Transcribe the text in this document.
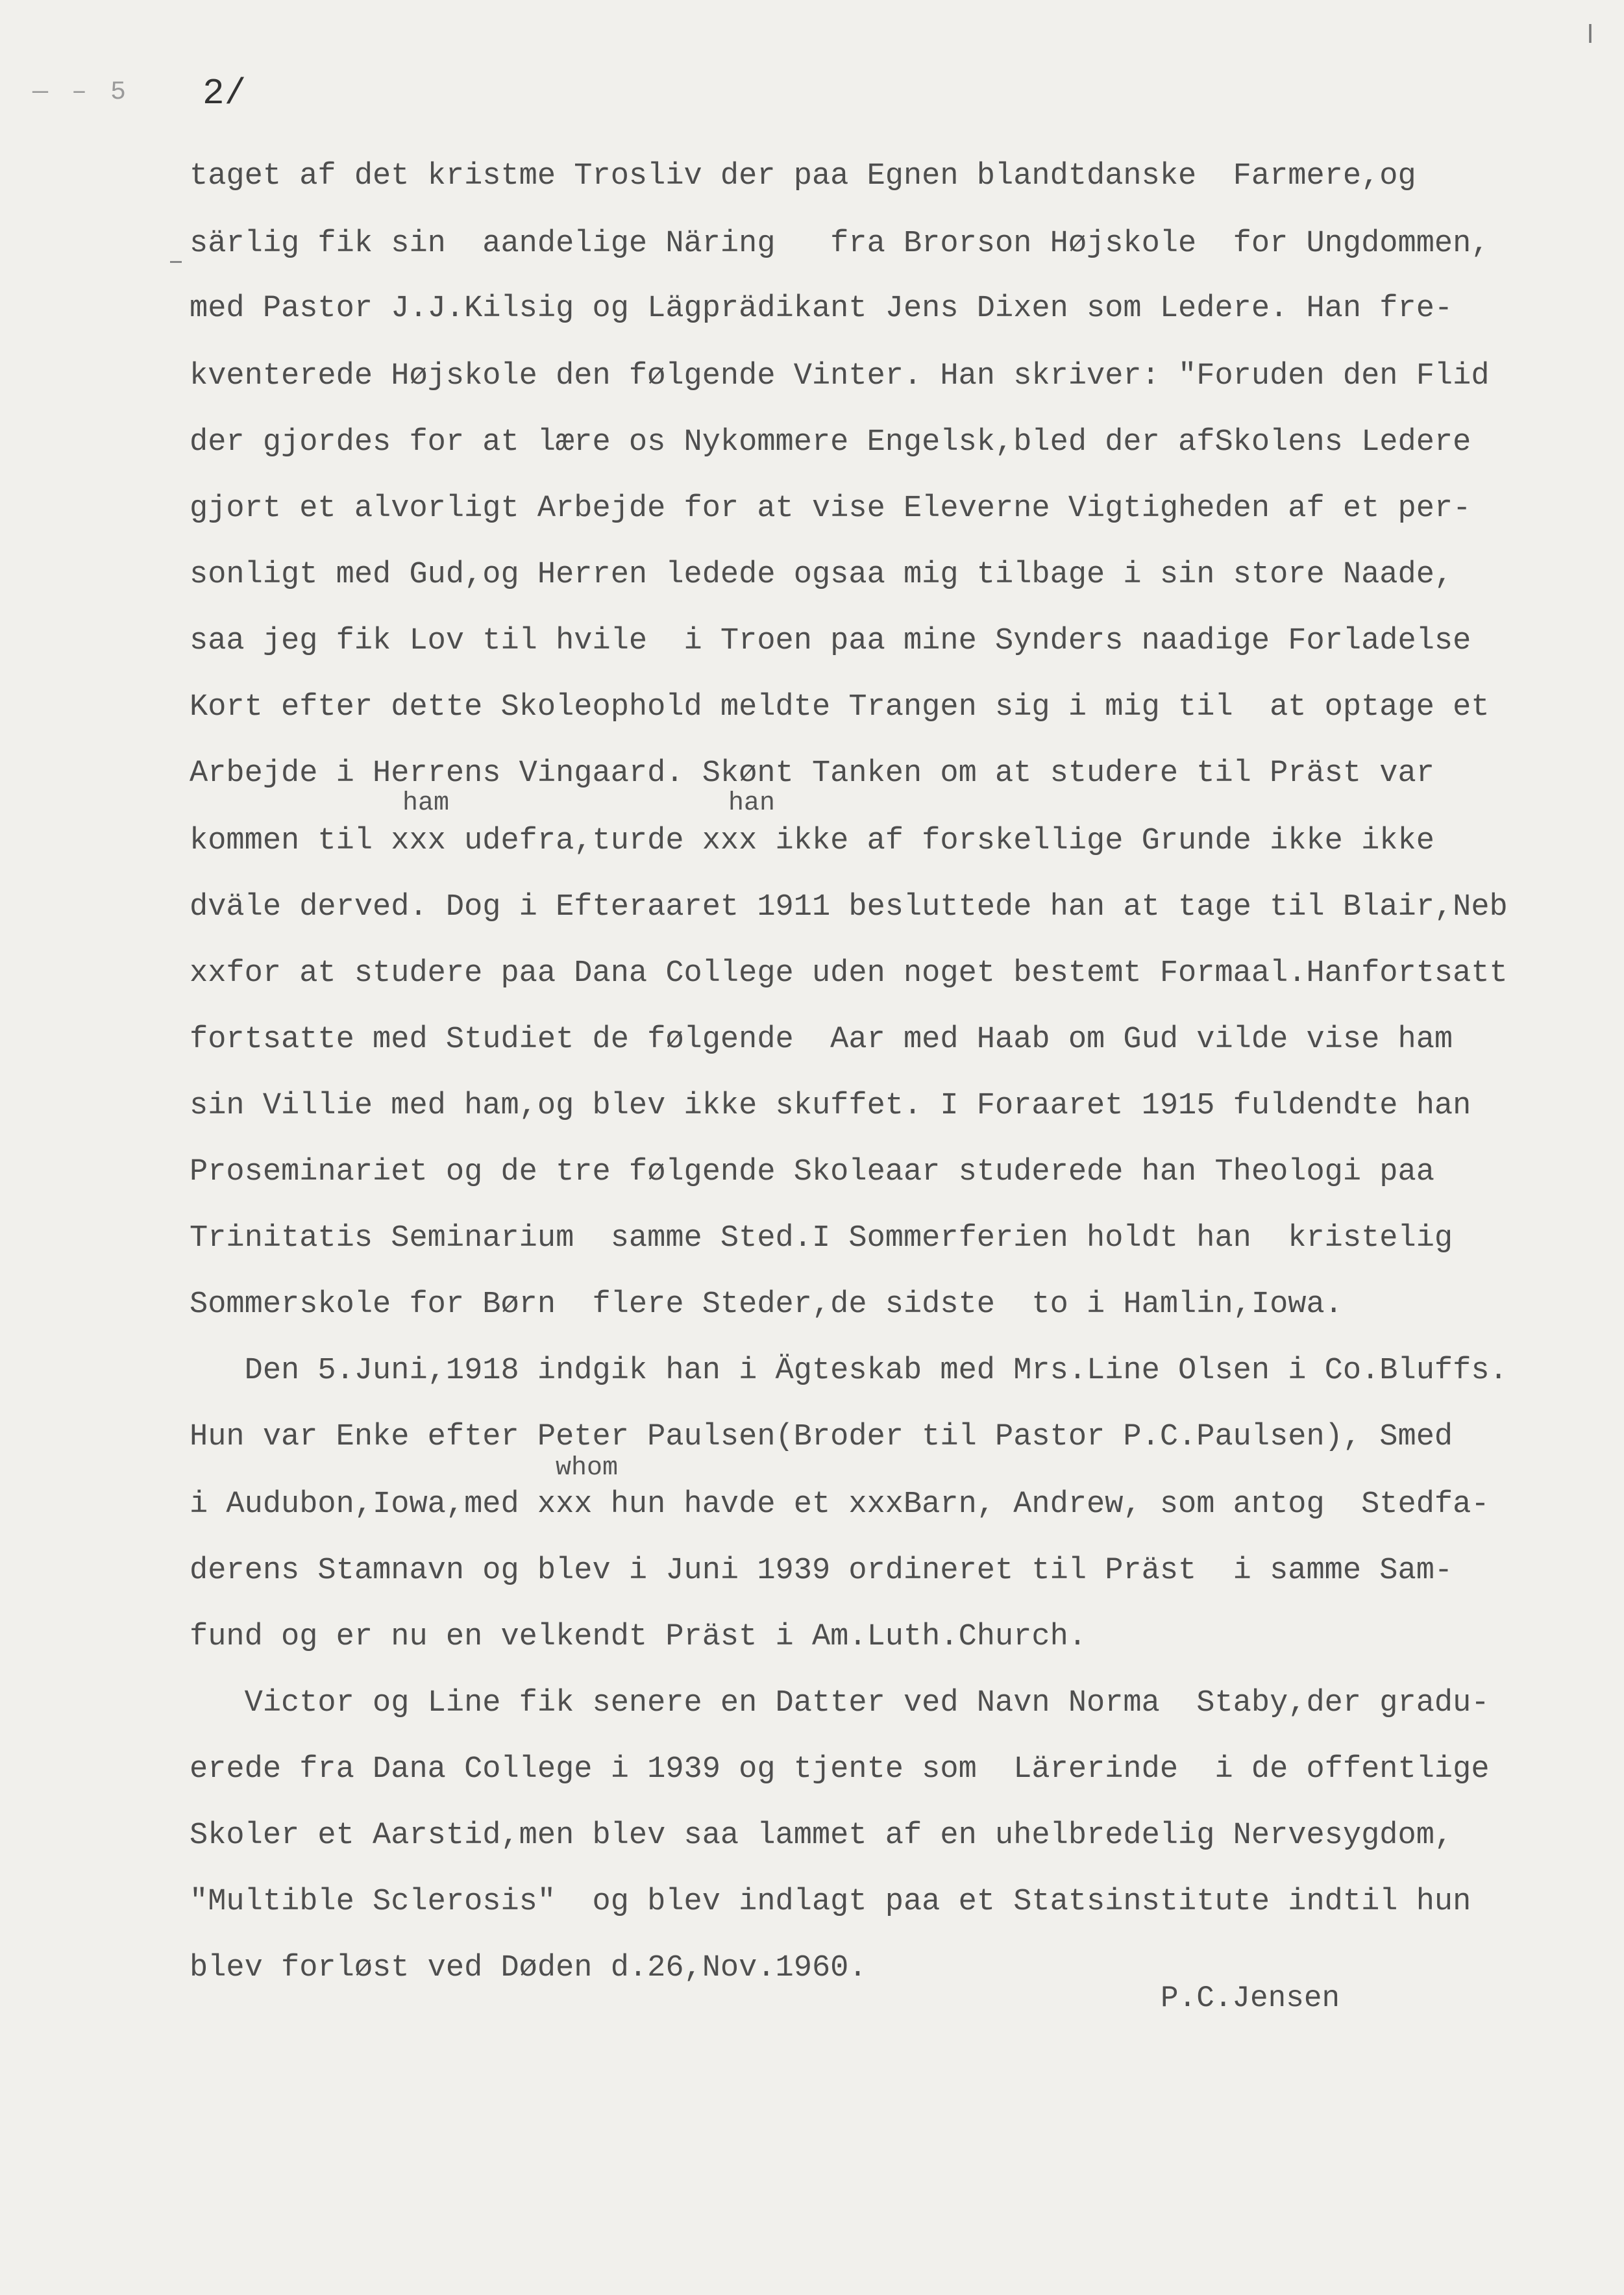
— – 5
ǀ
2/
taget af det kristme Trosliv der paa Egnen blandtdanske  Farmere,og
särlig fik sin  aandelige Näring   fra Brorson Højskole  for Ungdommen,
med Pastor J.J.Kilsig og Lägprädikant Jens Dixen som Ledere. Han fre-
kventerede Højskole den følgende Vinter. Han skriver: "Foruden den Flid
der gjordes for at lære os Nykommere Engelsk,bled der afSkolens Ledere
gjort et alvorligt Arbejde for at vise Eleverne Vigtigheden af et per-
sonligt med Gud,og Herren ledede ogsaa mig tilbage i sin store Naade,
saa jeg fik Lov til hvile  i Troen paa mine Synders naadige Forladelse
Kort efter dette Skoleophold meldte Trangen sig i mig til  at optage et
Arbejde i Herrens Vingaard. Skønt Tanken om at studere til Präst var
ham	han
kommen til xxx udefra,turde xxx ikke af forskellige Grunde ikke ikke
dväle derved. Dog i Efteraaret 1911 besluttede han at tage til Blair,Neb
xxfor at studere paa Dana College uden noget bestemt Formaal.Hanfortsatt
fortsatte med Studiet de følgende  Aar med Haab om Gud vilde vise ham
sin Villie med ham,og blev ikke skuffet. I Foraaret 1915 fuldendte han
Proseminariet og de tre følgende Skoleaar studerede han Theologi paa
Trinitatis Seminarium  samme Sted.I Sommerferien holdt han  kristelig
Sommerskole for Børn  flere Steder,de sidste  to i Hamlin,Iowa.
Den 5.Juni,1918 indgik han i Ägteskab med Mrs.Line Olsen i Co.Bluffs.
Hun var Enke efter Peter Paulsen(Broder til Pastor P.C.Paulsen), Smed
whom
i Audubon,Iowa,med xxx hun havde et xxxBarn, Andrew, som antog  Stedfa-
derens Stamnavn og blev i Juni 1939 ordineret til Präst  i samme Sam-
fund og er nu en velkendt Präst i Am.Luth.Church.
Victor og Line fik senere en Datter ved Navn Norma  Staby,der gradu-
erede fra Dana College i 1939 og tjente som  Lärerinde  i de offentlige
Skoler et Aarstid,men blev saa lammet af en uhelbredelig Nervesygdom,
"Multible Sclerosis"  og blev indlagt paa et Statsinstitute indtil hun
blev forløst ved Døden d.26,Nov.1960.
P.C.Jensen
